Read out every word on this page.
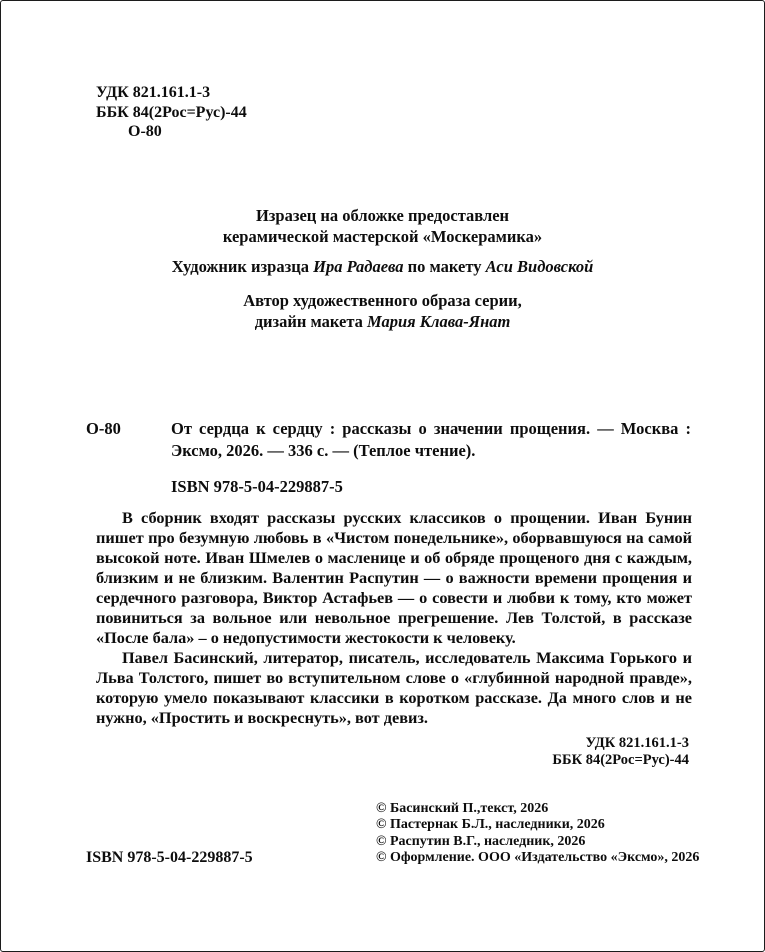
УДК 821.161.1-3
ББК 84(2Рос=Рус)-44
О-80
Изразец на обложке предоставлен
керамической мастерской «Москерамика»
Художник изразца Ира Радаева по макету Аси Видовской
Автор художественного образа серии,
дизайн макета Мария Клава-Янат
О-80	От сердца к сердцу : рассказы о значении прощения. — Москва : Эксмо, 2026. — 336 с. — (Теплое чтение).
ISBN 978-5-04-229887-5

В сборник входят рассказы русских классиков о прощении. Иван Бунин пишет про безумную любовь в «Чистом понедельнике», оборвавшуюся на самой высокой ноте. Иван Шмелев о масленице и об обряде прощеного дня с каждым, близким и не близким. Валентин Распутин — о важности времени прощения и сердечного разговора, Виктор Астафьев — о совести и любви к тому, кто может повиниться за вольное или невольное прегрешение. Лев Толстой, в рассказе «После бала» – о недопустимости жестокости к человеку.

Павел Басинский, литератор, писатель, исследователь Максима Горького и Льва Толстого, пишет во вступительном слове о «глубинной народной правде», которую умело показывают классики в коротком рассказе. Да много слов и не нужно, «Простить и воскреснуть», вот девиз.

УДК 821.161.1-3
ББК 84(2Рос=Рус)-44
© Басинский П.,текст, 2026
© Пастернак Б.Л., наследники, 2026
© Распутин В.Г., наследник, 2026
© Оформление. ООО «Издательство «Эксмо», 2026
ISBN 978-5-04-229887-5
